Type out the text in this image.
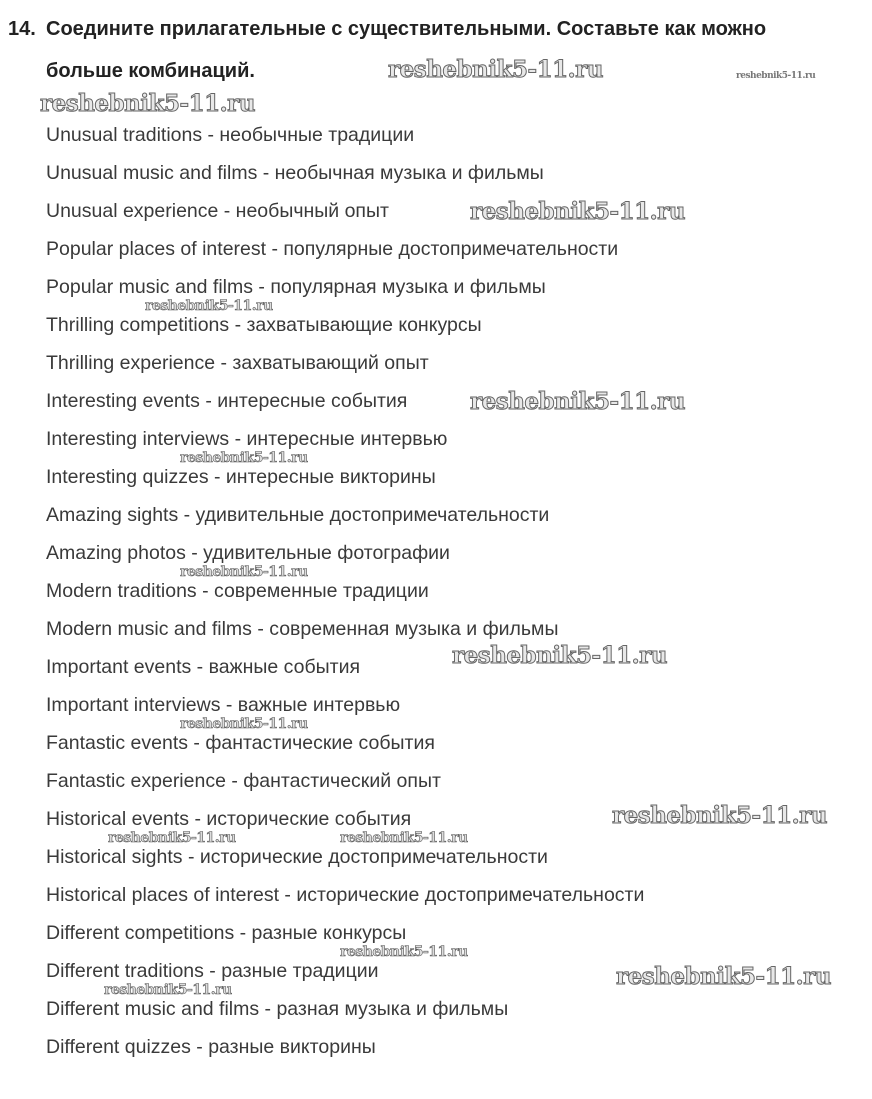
14. Соедините прилагательные с существительными. Составьте как можно
больше комбинаций.
Unusual traditions - необычные традиции
Unusual music and films - необычная музыка и фильмы
Unusual experience - необычный опыт
Popular places of interest - популярные достопримечательности
Popular music and films - популярная музыка и фильмы
Thrilling competitions - захватывающие конкурсы
Thrilling experience - захватывающий опыт
Interesting events - интересные события
Interesting interviews - интересные интервью
Interesting quizzes - интересные викторины
Amazing sights - удивительные достопримечательности
Amazing photos - удивительные фотографии
Modern traditions - современные традиции
Modern music and films - современная музыка и фильмы
Important events - важные события
Important interviews - важные интервью
Fantastic events - фантастические события
Fantastic experience - фантастический опыт
Historical events - исторические события
Historical sights - исторические достопримечательности
Historical places of interest - исторические достопримечательности
Different competitions - разные конкурсы
Different traditions - разные традиции
Different music and films - разная музыка и фильмы
Different quizzes - разные викторины
reshebnik5-11.ru	reshebnik5-11.ru
reshebnik5-11.ru
reshebnik5-11.ru
reshebnik5-11.ru
reshebnik5-11.ru
reshebnik5-11.ru
reshebnik5-11.ru
reshebnik5-11.ru
reshebnik5-11.ru
reshebnik5-11.ru
reshebnik5-11.ru	reshebnik5-11.ru
reshebnik5-11.ru
reshebnik5-11.ru
reshebnik5-11.ru
